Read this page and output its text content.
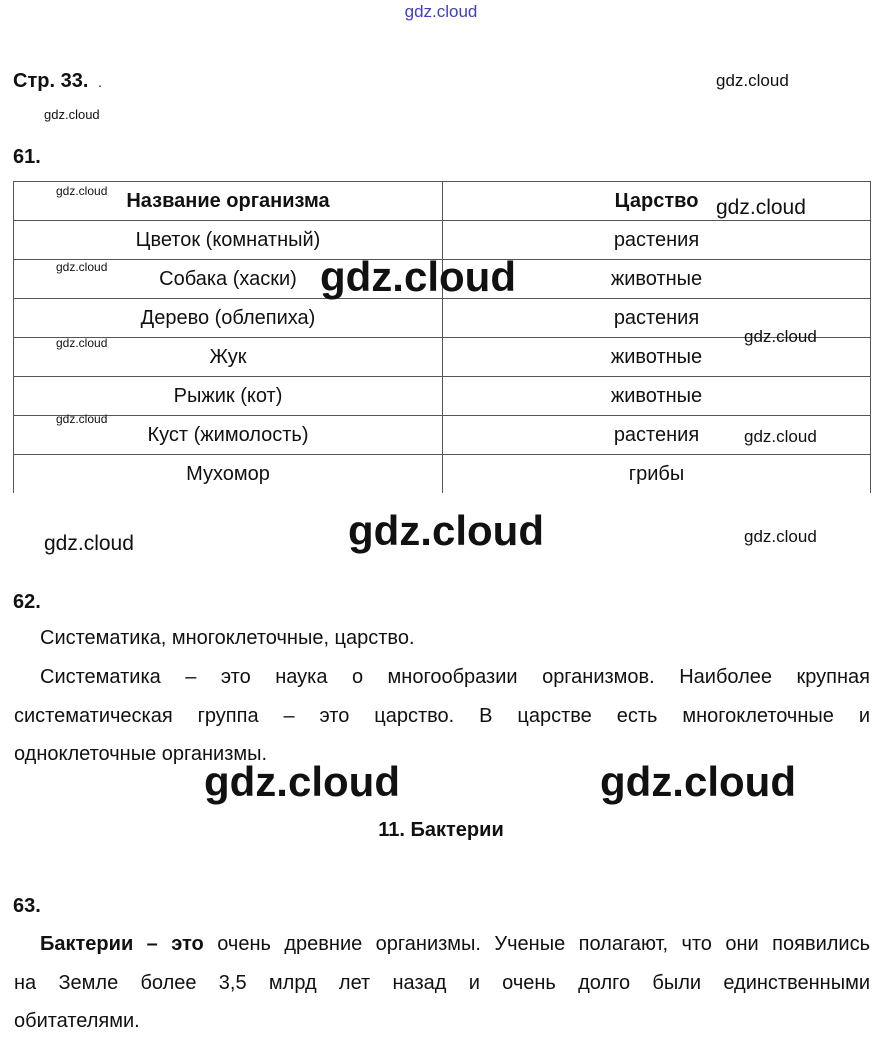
gdz.cloud
Стр. 33. .	gdz.cloud
gdz.cloud
61.
Название организма	Царство
Цветок (комнатный)	растения
Собака (хаски)	животные
Дерево (облепиха)	растения
Жук	животные
Рыжик (кот)	животные
Куст (жимолость)	растения
Мухомор	грибы
gdz.cloud
gdz.cloud
gdz.cloud	gdz.cloud
gdz.cloud
gdz.cloud
gdz.cloud
gdz.cloud
gdz.cloud	gdz.cloud	gdz.cloud
62.
Систематика, многоклеточные, царство.
Систематика – это наука о многообразии организмов. Наиболее крупная
систематическая группа – это царство. В царстве есть многоклеточные и
одноклеточные организмы.
gdz.cloud	gdz.cloud
11. Бактерии
63.
Бактерии – это очень древние организмы. Ученые полагают, что они появились
на Земле более 3,5 млрд лет назад и очень долго были единственными
обитателями.
